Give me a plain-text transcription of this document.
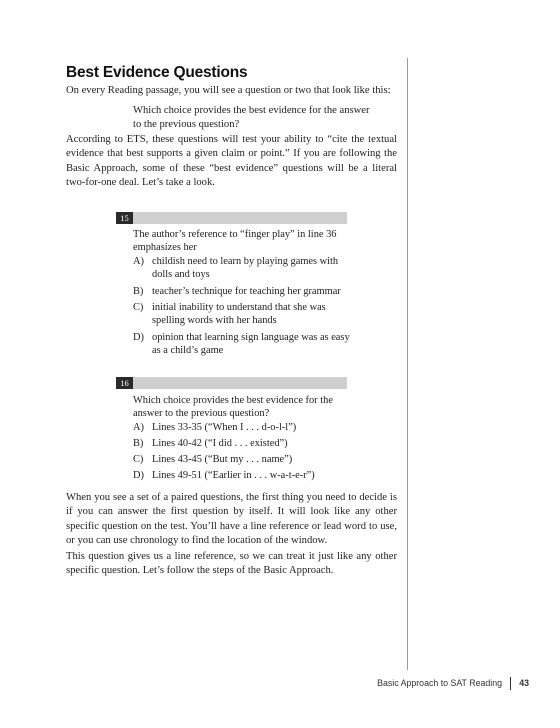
Best Evidence Questions
On every Reading passage, you will see a question or two that look like this:
Which choice provides the best evidence for the answer to the previous question?
According to ETS, these questions will test your ability to “cite the textual evidence that best supports a given claim or point.” If you are following the Basic Approach, some of these “best evidence” questions will be a literal two-for-one deal. Let’s take a look.
15
The author’s reference to “finger play” in line 36 emphasizes her
A) childish need to learn by playing games with dolls and toys
B) teacher’s technique for teaching her grammar
C) initial inability to understand that she was spelling words with her hands
D) opinion that learning sign language was as easy as a child’s game
16
Which choice provides the best evidence for the answer to the previous question?
A) Lines 33-35 (“When I . . . d-o-l-l”)
B) Lines 40-42 (“I did . . . existed”)
C) Lines 43-45 (“But my . . . name”)
D) Lines 49-51 (“Earlier in . . . w-a-t-e-r”)
When you see a set of a paired questions, the first thing you need to decide is if you can answer the first question by itself. It will look like any other specific question on the test. You’ll have a line reference or lead word to use, or you can use chronology to find the location of the window.
This question gives us a line reference, so we can treat it just like any other specific question. Let’s follow the steps of the Basic Approach.
Basic Approach to SAT Reading 43
